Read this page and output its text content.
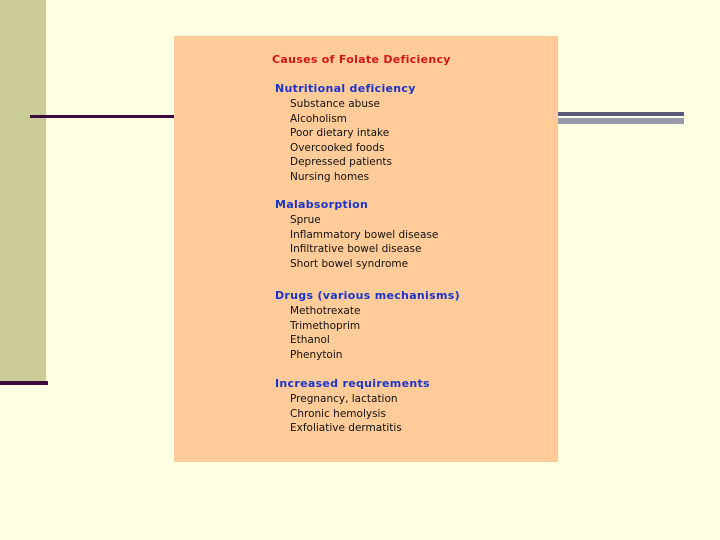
Causes of Folate Deficiency
Nutritional deficiency
Substance abuse
Alcoholism
Poor dietary intake
Overcooked foods
Depressed patients
Nursing homes
Malabsorption
Sprue
Inflammatory bowel disease
Infiltrative bowel disease
Short bowel syndrome
Drugs (various mechanisms)
Methotrexate
Trimethoprim
Ethanol
Phenytoin
Increased requirements
Pregnancy, lactation
Chronic hemolysis
Exfoliative dermatitis
